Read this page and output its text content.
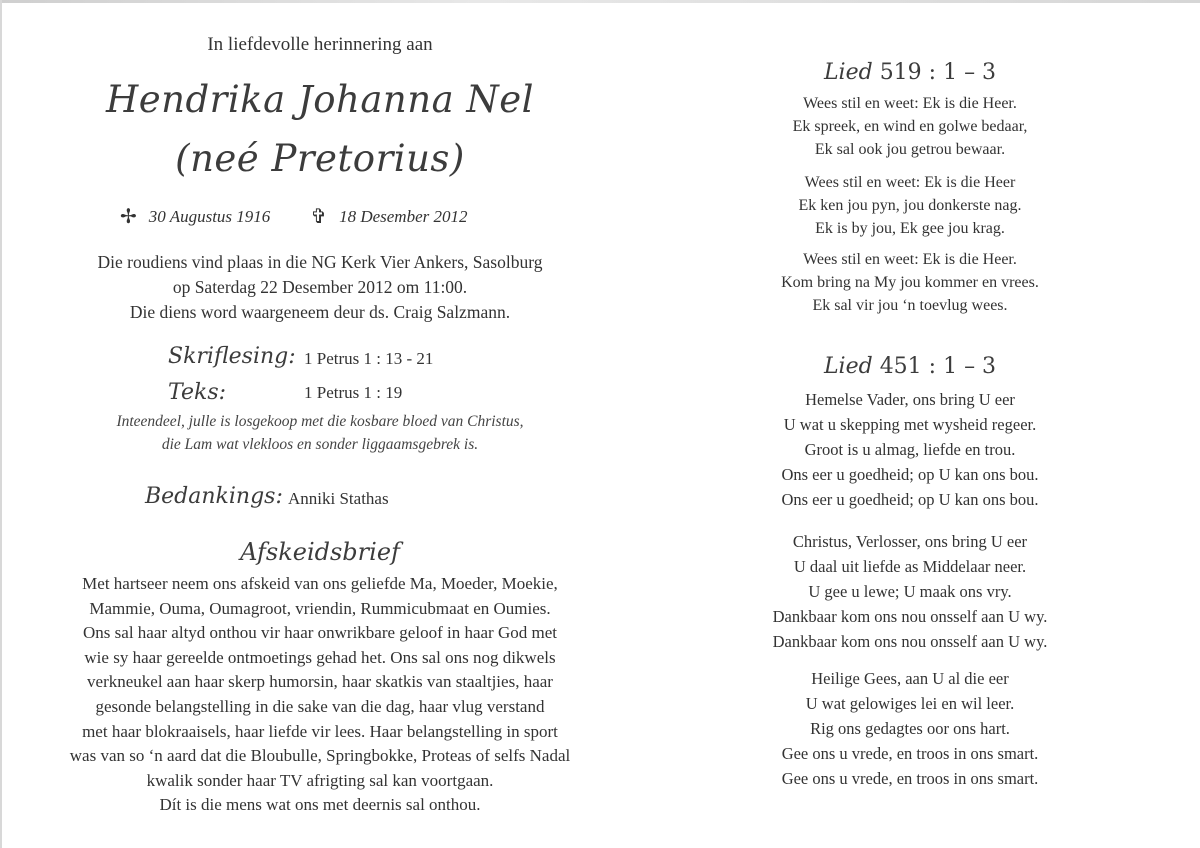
In liefdevolle herinnering aan
Hendrika Johanna Nel
(neé Pretorius)
✢ 30 Augustus 1916 ✞ 18 Desember 2012
Die roudiens vind plaas in die NG Kerk Vier Ankers, Sasolburg
op Saterdag 22 Desember 2012 om 11:00.
Die diens word waargeneem deur ds. Craig Salzmann.
Skriflesing: 1 Petrus 1 : 13 - 21
Teks:	1 Petrus 1 : 19
Inteendeel, julle is losgekoop met die kosbare bloed van Christus,
die Lam wat vlekloos en sonder liggaamsgebrek is.
Bedankings: Anniki Stathas
Afskeidsbrief
Met hartseer neem ons afskeid van ons geliefde Ma, Moeder, Moekie,
Mammie, Ouma, Oumagroot, vriendin, Rummicubmaat en Oumies.
Ons sal haar altyd onthou vir haar onwrikbare geloof in haar God met
wie sy haar gereelde ontmoetings gehad het. Ons sal ons nog dikwels
verkneukel aan haar skerp humorsin, haar skatkis van staaltjies, haar
gesonde belangstelling in die sake van die dag, haar vlug verstand
met haar blokraaisels, haar liefde vir lees. Haar belangstelling in sport
was van so ‘n aard dat die Bloubulle, Springbokke, Proteas of selfs Nadal
kwalik sonder haar TV afrigting sal kan voortgaan.
Dít is die mens wat ons met deernis sal onthou.
Lied 519 : 1 – 3
Wees stil en weet: Ek is die Heer.
Ek spreek, en wind en golwe bedaar,
Ek sal ook jou getrou bewaar.
Wees stil en weet: Ek is die Heer
Ek ken jou pyn, jou donkerste nag.
Ek is by jou, Ek gee jou krag.
Wees stil en weet: Ek is die Heer.
Kom bring na My jou kommer en vrees.
Ek sal vir jou ‘n toevlug wees.
Lied 451 : 1 – 3
Hemelse Vader, ons bring U eer
U wat u skepping met wysheid regeer.
Groot is u almag, liefde en trou.
Ons eer u goedheid; op U kan ons bou.
Ons eer u goedheid; op U kan ons bou.
Christus, Verlosser, ons bring U eer
U daal uit liefde as Middelaar neer.
U gee u lewe; U maak ons vry.
Dankbaar kom ons nou onsself aan U wy.
Dankbaar kom ons nou onsself aan U wy.
Heilige Gees, aan U al die eer
U wat gelowiges lei en wil leer.
Rig ons gedagtes oor ons hart.
Gee ons u vrede, en troos in ons smart.
Gee ons u vrede, en troos in ons smart.
